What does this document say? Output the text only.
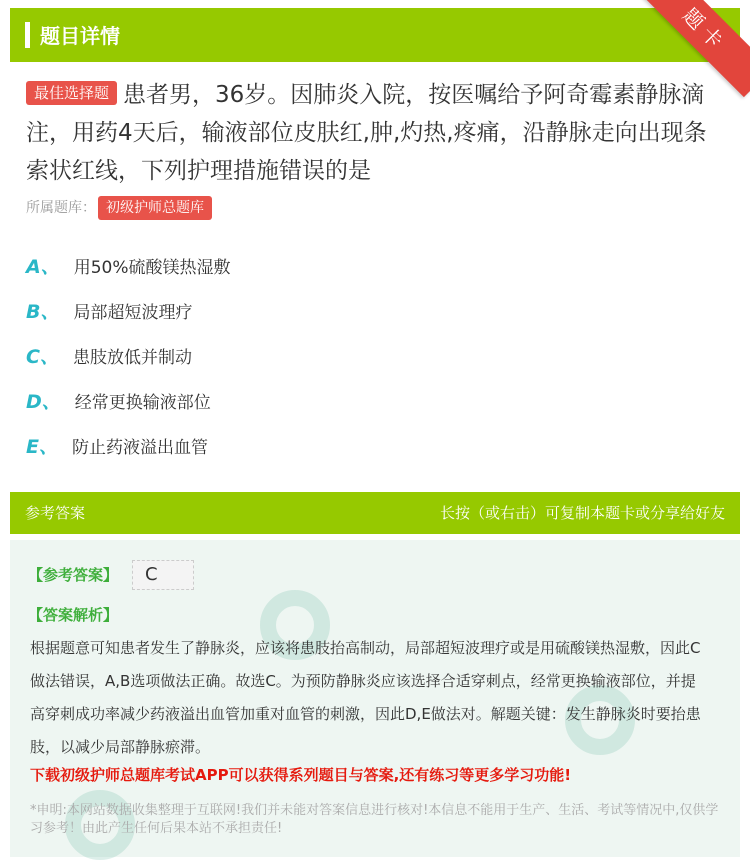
题目详情	题卡
最佳选择题 患者男，36岁。因肺炎入院，按医嘱给予阿奇霉素静脉滴注，用药4天后，输液部位皮肤红,肿,灼热,疼痛，沿静脉走向出现条索状红线，下列护理措施错误的是
所属题库： 初级护师总题库
A、 用50%硫酸镁热湿敷
B、 局部超短波理疗
C、 患肢放低并制动
D、 经常更换输液部位
E、 防止药液溢出血管
参考答案	长按（或右击）可复制本题卡或分享给好友
【参考答案】	C
【答案解析】
根据题意可知患者发生了静脉炎，应该将患肢抬高制动，局部超短波理疗或是用硫酸镁热湿敷，因此C做法错误，A,B选项做法正确。故选C。为预防静脉炎应该选择合适穿刺点，经常更换输液部位，并提高穿刺成功率减少药液溢出血管加重对血管的刺激，因此D,E做法对。解题关键：发生静脉炎时要抬患肢，以减少局部静脉瘀滞。
下载初级护师总题库考试APP可以获得系列题目与答案,还有练习等更多学习功能!
*申明:本网站数据收集整理于互联网!我们并未能对答案信息进行核对!本信息不能用于生产、生活、考试等情况中,仅供学习参考！由此产生任何后果本站不承担责任!
